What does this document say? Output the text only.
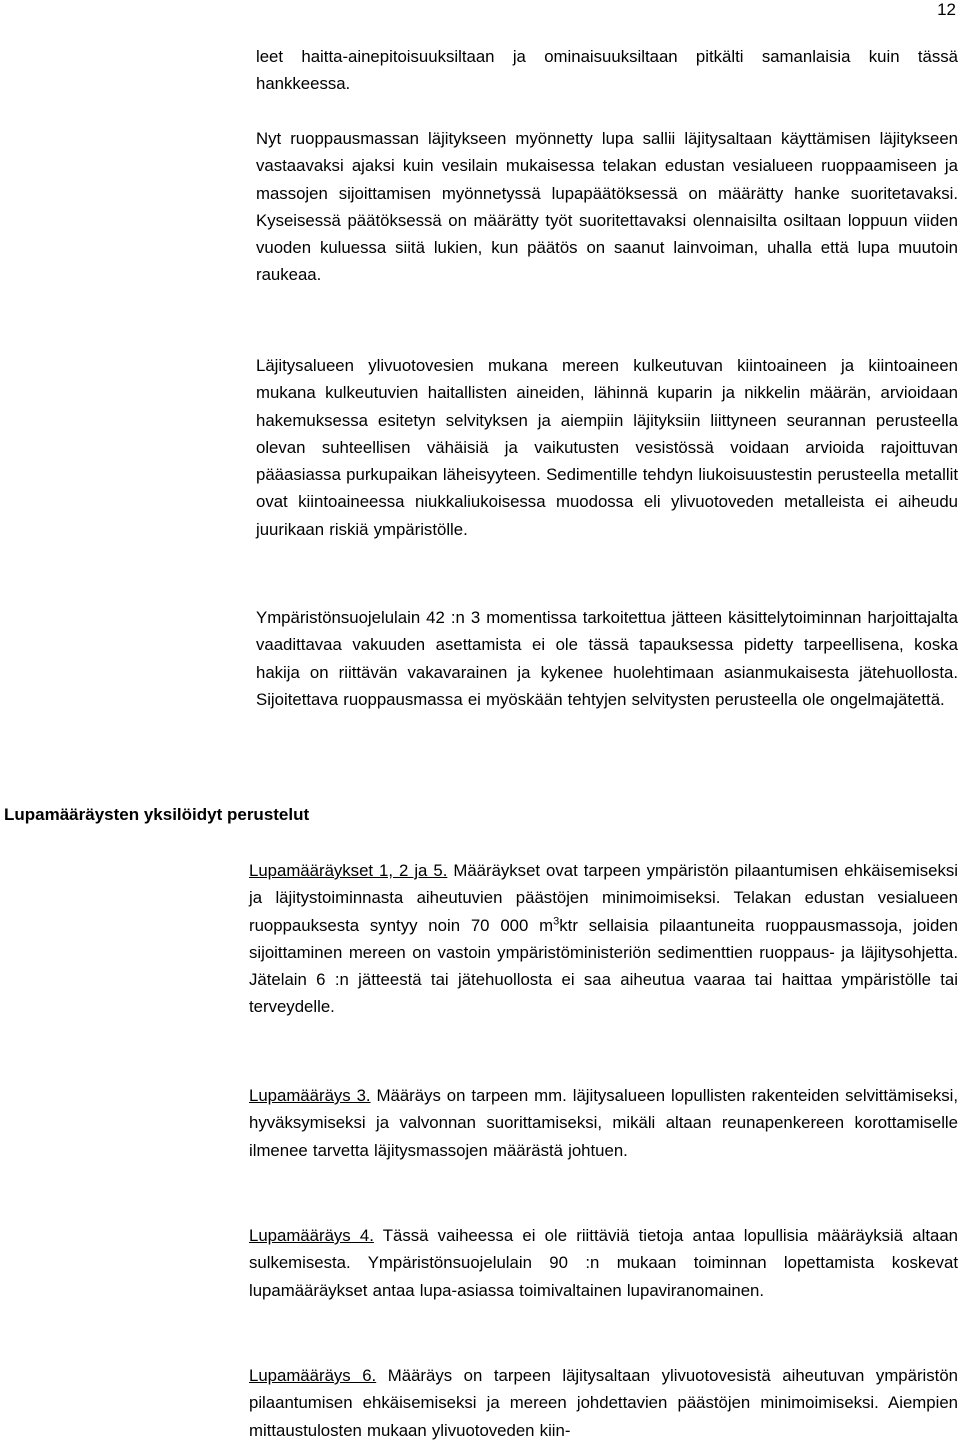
12

leet haitta-ainepitoisuuksiltaan ja ominaisuuksiltaan pitkälti samanlaisia kuin tässä hankkeessa.

Nyt ruoppausmassan läjitykseen myönnetty lupa sallii läjitysaltaan käyttämisen läjitykseen vastaavaksi ajaksi kuin vesilain mukaisessa telakan edustan vesialueen ruoppaamiseen ja massojen sijoittamisen myönnetyssä lupapäätöksessä on määrätty hanke suoritetavaksi. Kyseisessä päätöksessä on määrätty työt suoritettavaksi olennaisilta osiltaan loppuun viiden vuoden kuluessa siitä lukien, kun päätös on saanut lainvoiman, uhalla että lupa muutoin raukeaa.

Läjitysalueen ylivuotovesien mukana mereen kulkeutuvan kiintoaineen ja kiintoaineen mukana kulkeutuvien haitallisten aineiden, lähinnä kuparin ja nikkelin määrän, arvioidaan hakemuksessa esitetyn selvityksen ja aiempiin läjityksiin liittyneen seurannan perusteella olevan suhteellisen vähäisiä ja vaikutusten vesistössä voidaan arvioida rajoittuvan pääasiassa purkupaikan läheisyyteen. Sedimentille tehdyn liukoisuustestin perusteella metallit ovat kiintoaineessa niukkaliukoisessa muodossa eli ylivuotoveden metalleista ei aiheudu juurikaan riskiä ympäristölle.

Ympäristönsuojelulain 42 :n 3 momentissa tarkoitettua jätteen käsittelytoiminnan harjoittajalta vaadittavaa vakuuden asettamista ei ole tässä tapauksessa pidetty tarpeellisena, koska hakija on riittävän vakavarainen ja kykenee huolehtimaan asianmukaisesta jätehuollosta. Sijoitettava ruoppausmassa ei myöskään tehtyjen selvitysten perusteella ole ongelmajätettä.

Lupamääräysten yksilöidyt perustelut

Lupamääräykset 1, 2 ja 5. Määräykset ovat tarpeen ympäristön pilaantumisen ehkäisemiseksi ja läjitystoiminnasta aiheutuvien päästöjen minimoimiseksi. Telakan edustan vesialueen ruoppauksesta syntyy noin 70 000 $m^3ktr$ sellaisia pilaantuneita ruoppausmassoja, joiden sijoittaminen mereen on vastoin ympäristöministeriön sedimenttien ruoppaus- ja läjitysohjetta. Jätelain 6 :n jätteestä tai jätehuollosta ei saa aiheutua vaaraa tai haittaa ympäristölle tai terveydelle.

Lupamääräys 3. Määräys on tarpeen mm. läjitysalueen lopullisten rakenteiden selvittämiseksi, hyväksymiseksi ja valvonnan suorittamiseksi, mikäli altaan reunapenkereen korottamiselle ilmenee tarvetta läjitysmassojen määrästä johtuen.

Lupamääräys 4. Tässä vaiheessa ei ole riittäviä tietoja antaa lopullisia määräyksiä altaan sulkemisesta. Ympäristönsuojelulain 90 :n mukaan toiminnan lopettamista koskevat lupamääräykset antaa lupa-asiassa toimivaltainen lupaviranomainen.

Lupamääräys 6. Määräys on tarpeen läjitysaltaan ylivuotovesistä aiheutuvan ympäristön pilaantumisen ehkäisemiseksi ja mereen johdettavien päästöjen minimoimiseksi. Aiempien mittaustulosten mukaan ylivuotoveden kiin-
